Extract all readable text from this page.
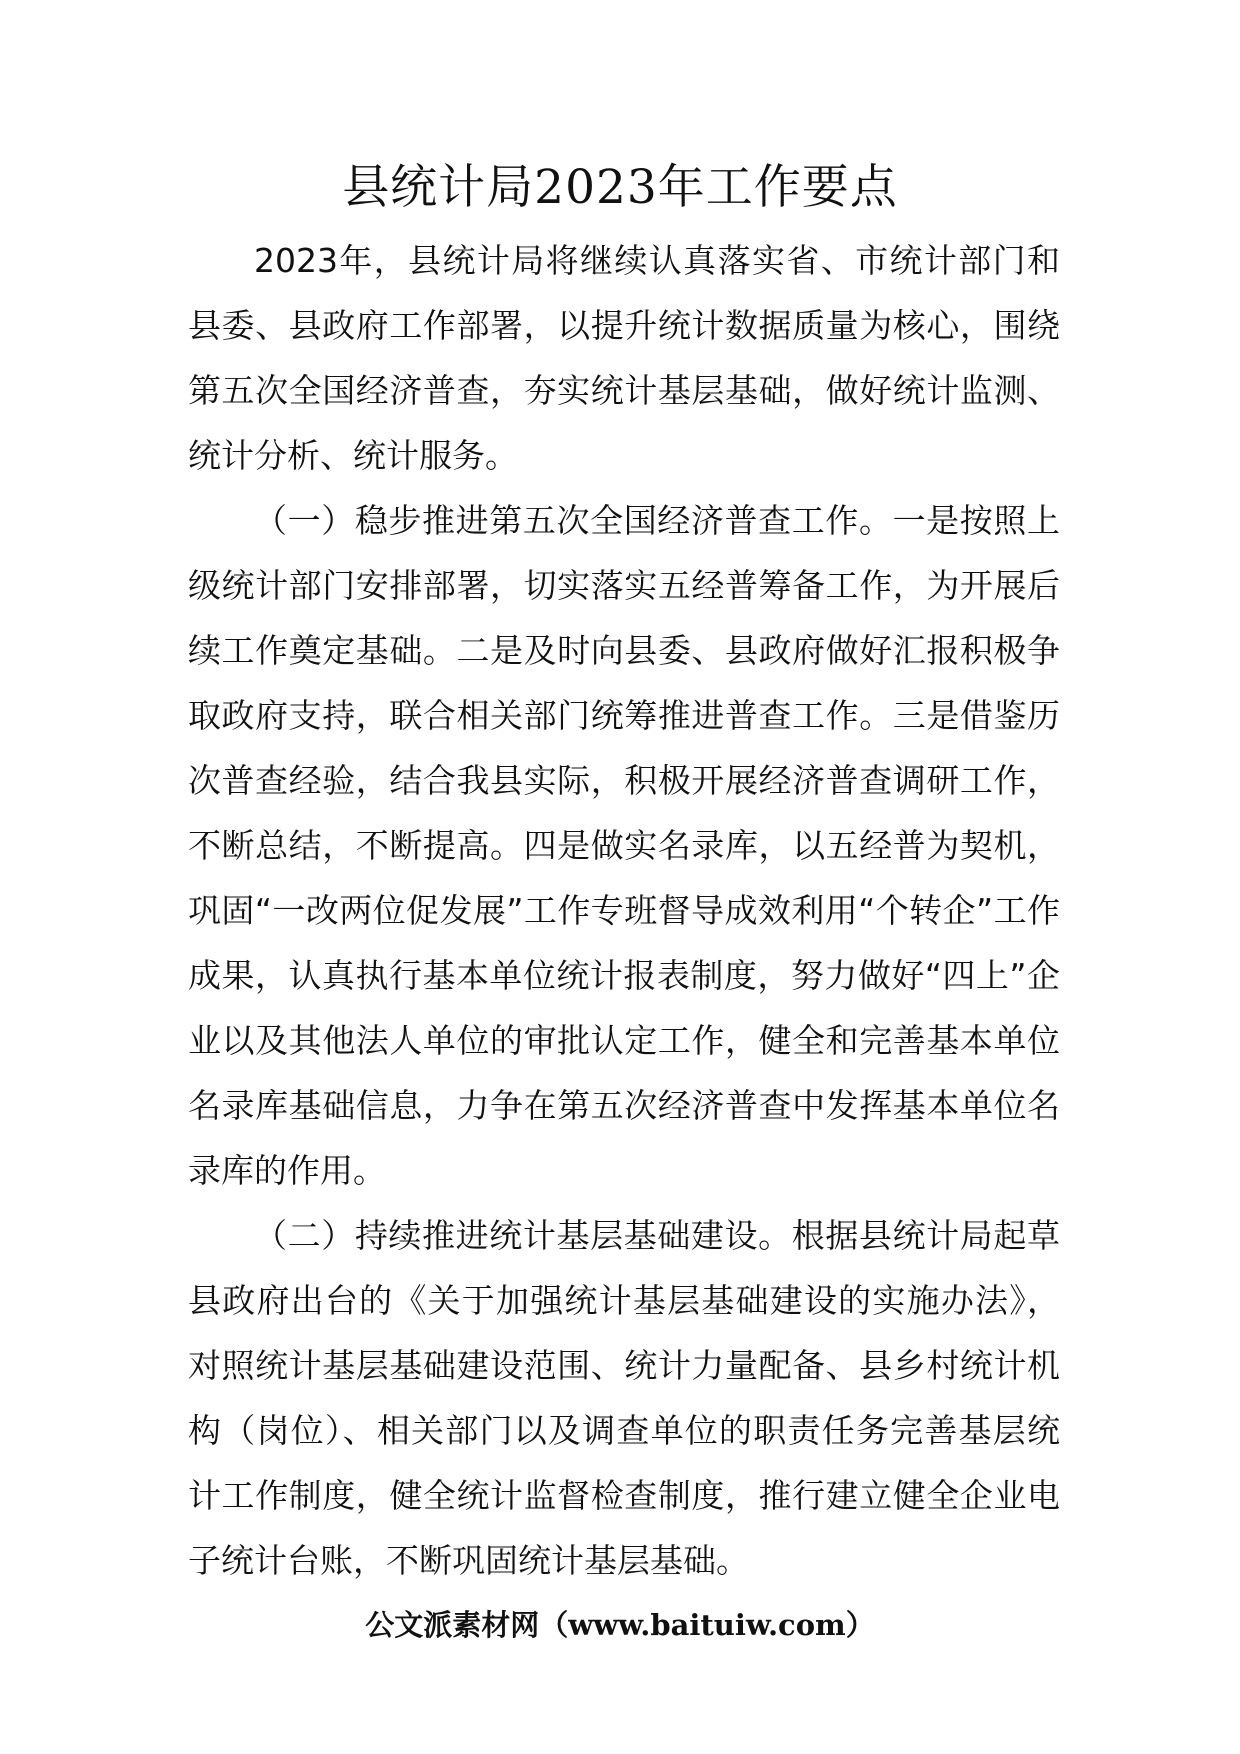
县统计局2023年工作要点

2023年，县统计局将继续认真落实省、市统计部门和县委、县政府工作部署，以提升统计数据质量为核心，围绕第五次全国经济普查，夯实统计基层基础，做好统计监测、统计分析、统计服务。

（一）稳步推进第五次全国经济普查工作。一是按照上级统计部门安排部署，切实落实五经普筹备工作，为开展后续工作奠定基础。二是及时向县委、县政府做好汇报积极争取政府支持，联合相关部门统筹推进普查工作。三是借鉴历次普查经验，结合我县实际，积极开展经济普查调研工作，不断总结，不断提高。四是做实名录库，以五经普为契机，巩固“一改两位促发展”工作专班督导成效利用“个转企”工作成果，认真执行基本单位统计报表制度，努力做好“四上”企业以及其他法人单位的审批认定工作，健全和完善基本单位名录库基础信息，力争在第五次经济普查中发挥基本单位名录库的作用。

（二）持续推进统计基层基础建设。根据县统计局起草县政府出台的《关于加强统计基层基础建设的实施办法》，对照统计基层基础建设范围、统计力量配备、县乡村统计机构（岗位）、相关部门以及调查单位的职责任务完善基层统计工作制度，健全统计监督检查制度，推行建立健全企业电子统计台账，不断巩固统计基层基础。

公文派素材网（www.baituiw.com）
